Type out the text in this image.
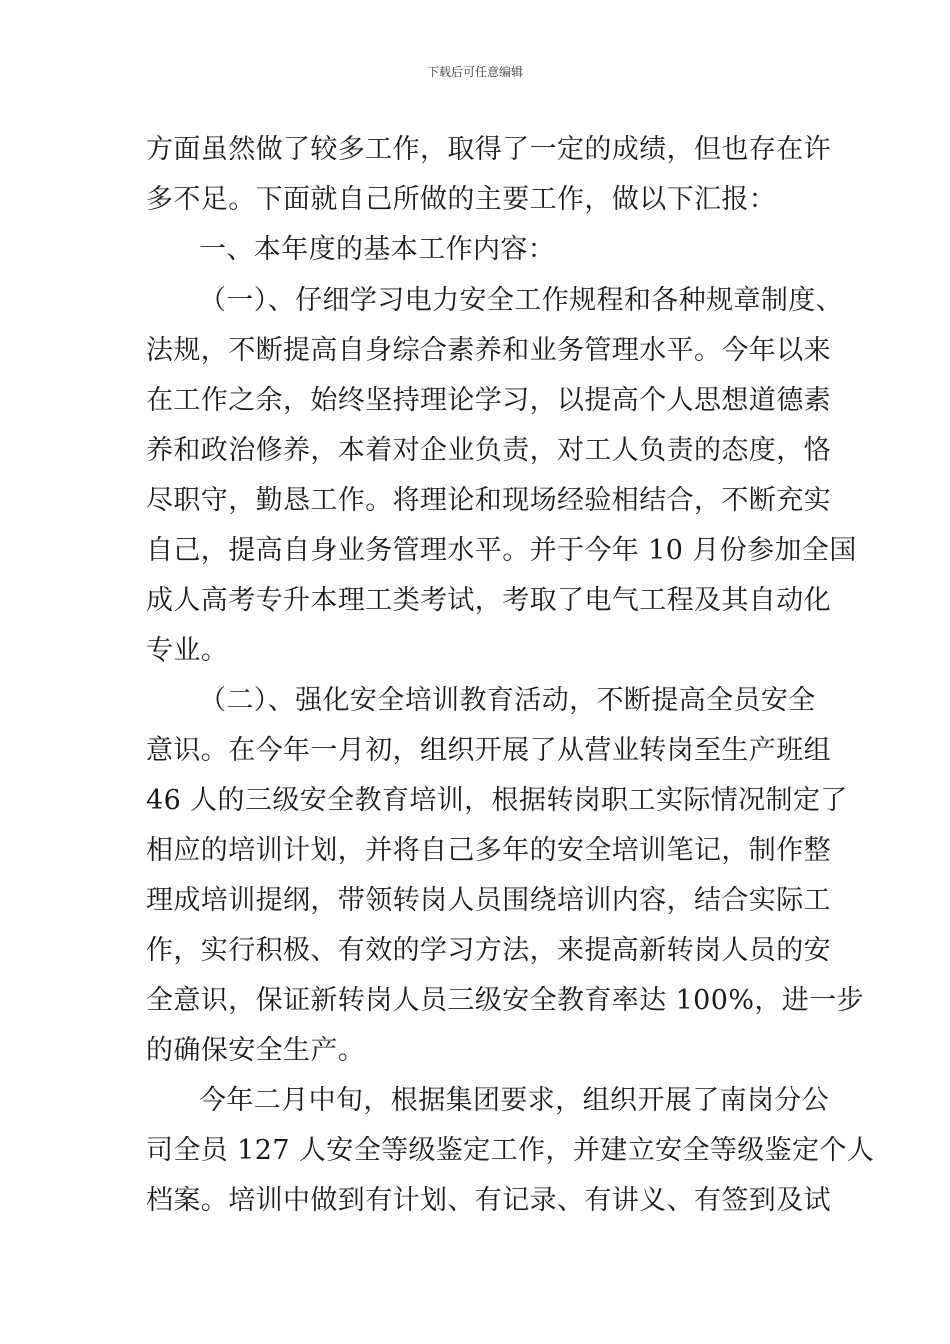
下载后可任意编辑
方面虽然做了较多工作，取得了一定的成绩，但也存在许
多不足。下面就自己所做的主要工作，做以下汇报：
一、本年度的基本工作内容：
（一）、仔细学习电力安全工作规程和各种规章制度、
法规，不断提高自身综合素养和业务管理水平。今年以来
在工作之余，始终坚持理论学习，以提高个人思想道德素
养和政治修养，本着对企业负责，对工人负责的态度，恪
尽职守，勤恳工作。将理论和现场经验相结合，不断充实
自己，提高自身业务管理水平。并于今年 10 月份参加全国
成人高考专升本理工类考试，考取了电气工程及其自动化
专业。
（二）、强化安全培训教育活动，不断提高全员安全
意识。在今年一月初，组织开展了从营业转岗至生产班组
46 人的三级安全教育培训，根据转岗职工实际情况制定了
相应的培训计划，并将自己多年的安全培训笔记，制作整
理成培训提纲，带领转岗人员围绕培训内容，结合实际工
作，实行积极、有效的学习方法，来提高新转岗人员的安
全意识，保证新转岗人员三级安全教育率达 100%，进一步
的确保安全生产。
今年二月中旬，根据集团要求，组织开展了南岗分公
司全员 127 人安全等级鉴定工作，并建立安全等级鉴定个人
档案。培训中做到有计划、有记录、有讲义、有签到及试
